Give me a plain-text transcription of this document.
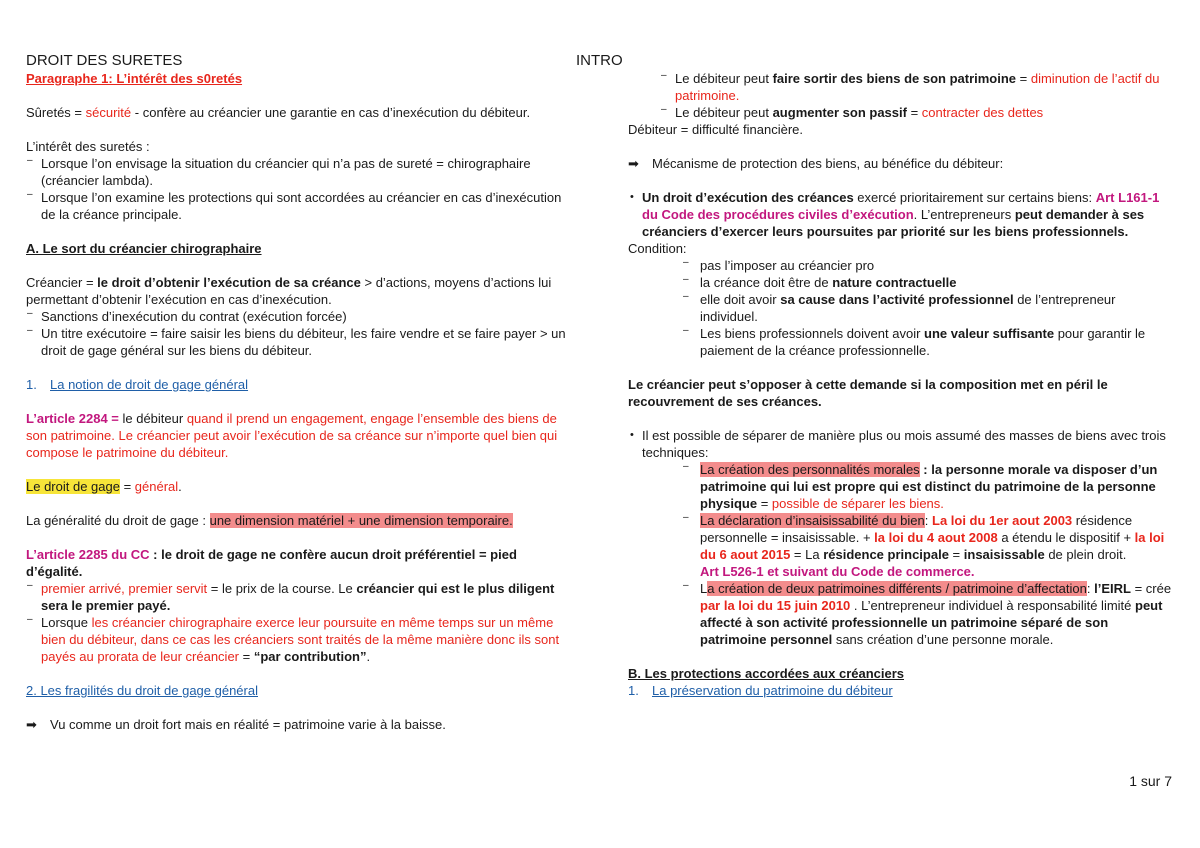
DROIT DES SURETES

Paragraphe 1: L’intérêt des s0retés

Sûretés = sécurité - confère au créancier une garantie en cas d’inexécution du débiteur.

L’intérêt des suretés :

– Lorsque l’on envisage la situation du créancier qui n’a pas de sureté = chirographaire (créancier lambda).
– Lorsque l’on examine les protections qui sont accordées au créancier en cas d’inexécution de la créance principale.

A. Le sort du créancier chirographaire

Créancier = le droit d’obtenir l’exécution de sa créance > d’actions, moyens d’actions lui permettant d’obtenir l’exécution en cas d’inexécution.

– Sanctions d’inexécution du contrat (exécution forcée)
– Un titre exécutoire = faire saisir les biens du débiteur, les faire vendre et se faire payer > un droit de gage général sur les biens du débiteur.

1. La notion de droit de gage général

L’article 2284 = le débiteur quand il prend un engagement, engage l’ensemble des biens de son patrimoine. Le créancier peut avoir l’exécution de sa créance sur n’importe quel bien qui compose le patrimoine du débiteur.

Le droit de gage = général.

La généralité du droit de gage : une dimension matériel + une dimension temporaire.

L’article 2285 du CC : le droit de gage ne confère aucun droit préférentiel = pied d’égalité.

– premier arrivé, premier servit = le prix de la course. Le créancier qui est le plus diligent sera le premier payé.
– Lorsque les créancier chirographaire exerce leur poursuite en même temps sur un même bien du débiteur, dans ce cas les créanciers sont traités de la même manière donc ils sont payés au prorata de leur créancier = “par contribution”.

2. Les fragilités du droit de gage général

➡ Vu comme un droit fort mais en réalité = patrimoine varie à la baisse.

INTRO

– Le débiteur peut faire sortir des biens de son patrimoine = diminution de l’actif du patrimoine.
– Le débiteur peut augmenter son passif = contracter des dettes

Débiteur = difficulté financière.

➡ Mécanisme de protection des biens, au bénéfice du débiteur:

• Un droit d’exécution des créances exercé prioritairement sur certains biens: Art L161-1 du Code des procédures civiles d’exécution. L’entrepreneurs peut demander à ses créanciers d’exercer leurs poursuites par priorité sur les biens professionnels.

Condition:

– pas l’imposer au créancier pro
– la créance doit être de nature contractuelle
– elle doit avoir sa cause dans l’activité professionnel de l’entrepreneur individuel.
– Les biens professionnels doivent avoir une valeur suffisante pour garantir le paiement de la créance professionnelle.

Le créancier peut s’opposer à cette demande si la composition met en péril le recouvrement de ses créances.

• Il est possible de séparer de manière plus ou mois assumé des masses de biens avec trois techniques:

– La création des personnalités morales : la personne morale va disposer d’un patrimoine qui lui est propre qui est distinct du patrimoine de la personne physique = possible de séparer les biens.
– La déclaration d’insaisissabilité du bien: La loi du 1er aout 2003 résidence personnelle = insaisissable. + la loi du 4 aout 2008 a étendu le dispositif + la loi du 6 aout 2015 = La résidence principale = insaisissable de plein droit.
Art L526-1 et suivant du Code de commerce.
– La création de deux patrimoines différents / patrimoine d’affectation: l’EIRL = crée par la loi du 15 juin 2010 . L’entrepreneur individuel à responsabilité limité peut affecté à son activité professionnelle un patrimoine séparé de son patrimoine personnel sans création d’une personne morale.

B. Les protections accordées aux créanciers

1. La préservation du patrimoine du débiteur

1 sur 7
